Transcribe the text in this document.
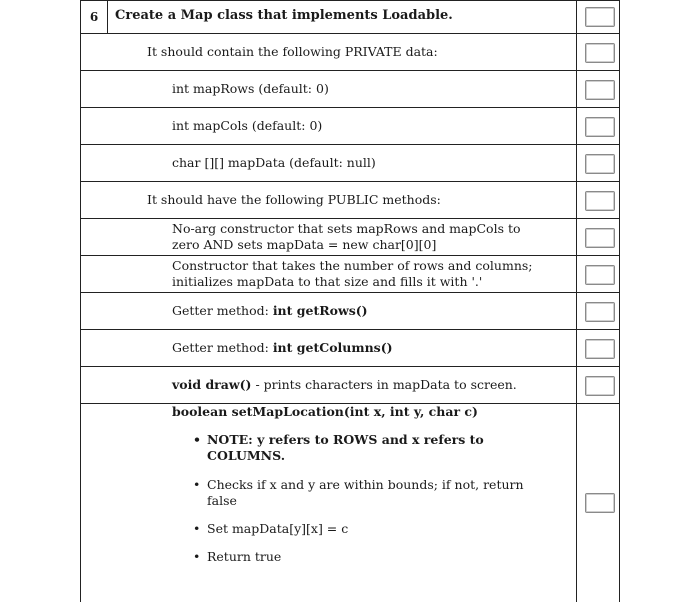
6	Create a Map class that implements Loadable.
It should contain the following PRIVATE data:
int mapRows (default: 0)
int mapCols (default: 0)
char [][] mapData (default: null)
It should have the following PUBLIC methods:
No-arg constructor that sets mapRows and mapCols to
zero AND sets mapData = new char[0][0]
Constructor that takes the number of rows and columns;
initializes mapData to that size and fills it with '.'
Getter method: int getRows()
Getter method: int getColumns()
void draw() - prints characters in mapData to screen.
boolean setMapLocation(int x, int y, char c)
• NOTE: y refers to ROWS and x refers to
COLUMNS.
• Checks if x and y are within bounds; if not, return
false
• Set mapData[y][x] = c
• Return true
